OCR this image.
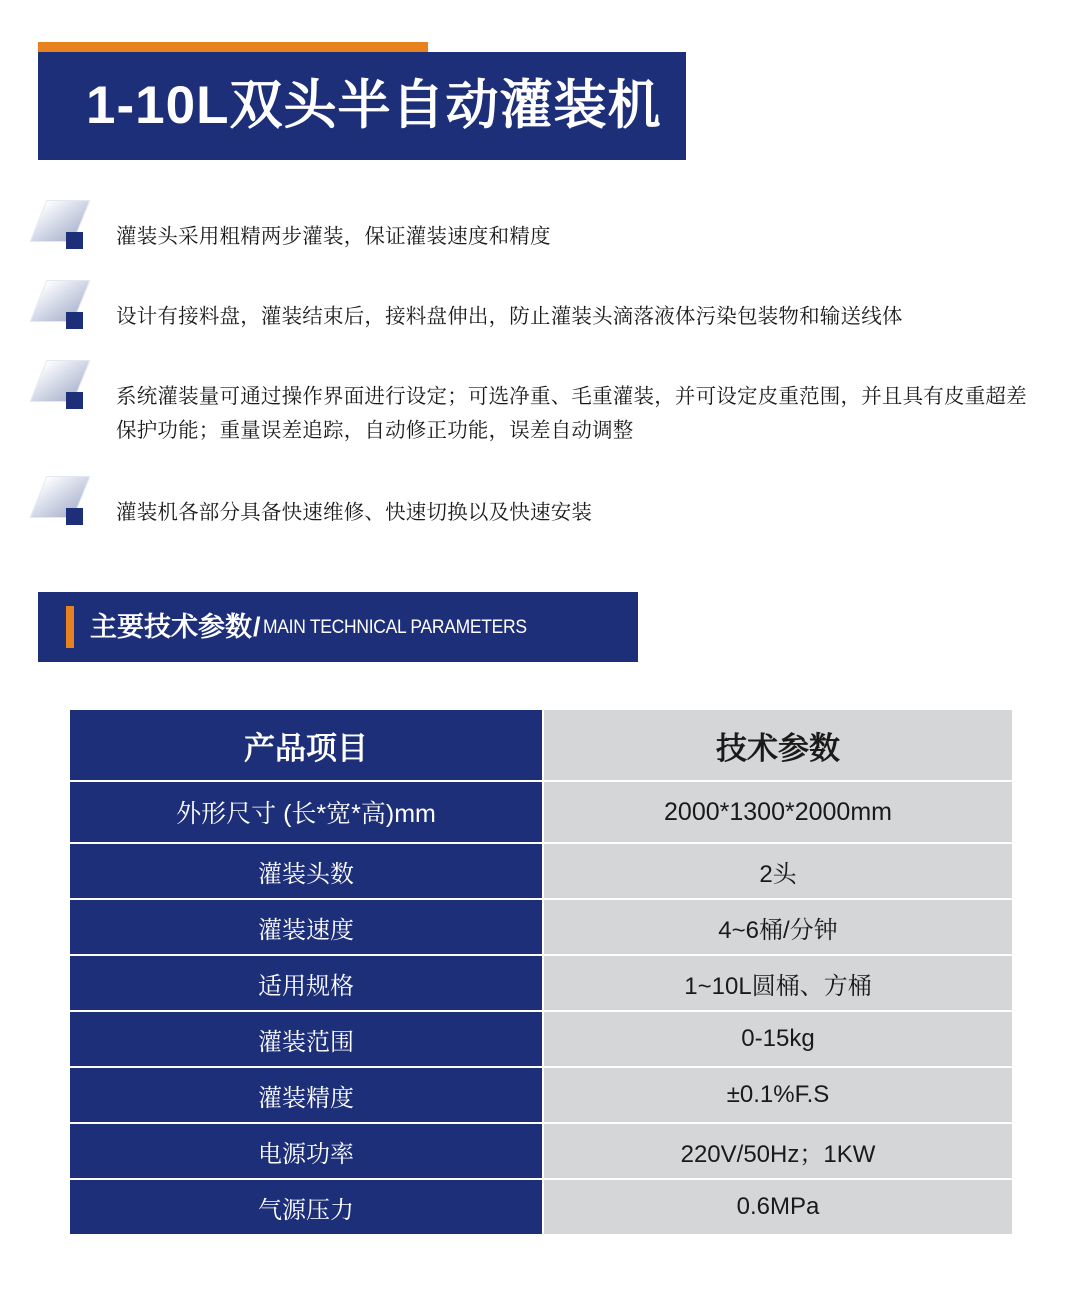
1-10L双头半自动灌装机
灌装头采用粗精两步灌装，保证灌装速度和精度
设计有接料盘，灌装结束后，接料盘伸出，防止灌装头滴落液体污染包装物和输送线体
系统灌装量可通过操作界面进行设定；可选净重、毛重灌装，并可设定皮重范围，并且具有皮重超差保护功能；重量误差追踪，自动修正功能，误差自动调整
灌装机各部分具备快速维修、快速切换以及快速安装
主要技术参数 / MAIN TECHNICAL PARAMETERS
产品项目	技术参数
外形尺寸 (长*宽*高)mm	2000*1300*2000mm
灌装头数	2头
灌装速度	4~6桶/分钟
适用规格	1~10L圆桶、方桶
灌装范围	0-15kg
灌装精度	±0.1%F.S
电源功率	220V/50Hz；1KW
气源压力	0.6MPa
